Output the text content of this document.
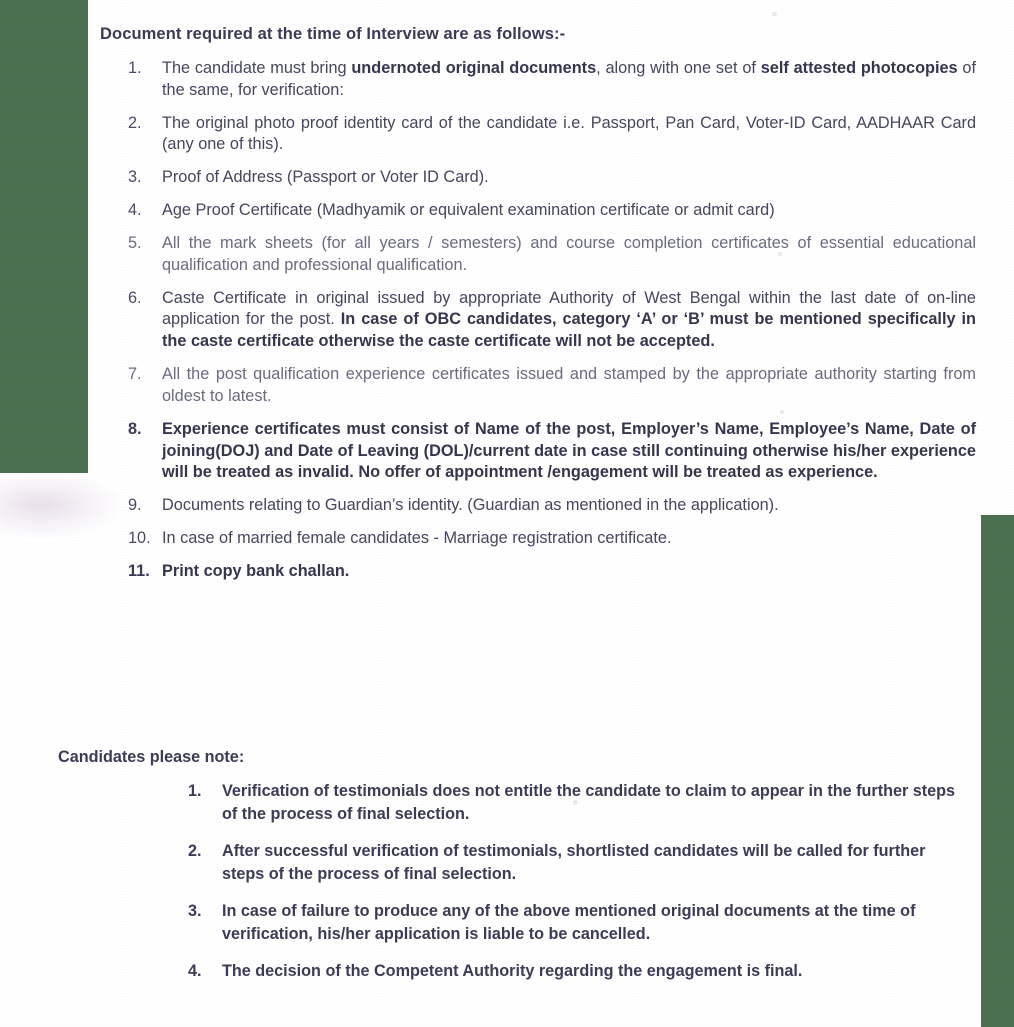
Document required at the time of Interview are as follows:-
1.	The candidate must bring undernoted original documents, along with one set of self attested photocopies of the same, for verification:
2.	The original photo proof identity card of the candidate i.e. Passport, Pan Card, Voter-ID Card, AADHAAR Card (any one of this).
3.	Proof of Address (Passport or Voter ID Card).
4.	Age Proof Certificate (Madhyamik or equivalent examination certificate or admit card)
5.	All the mark sheets (for all years / semesters) and course completion certificates of essential educational qualification and professional qualification.
6.	Caste Certificate in original issued by appropriate Authority of West Bengal within the last date of on-line application for the post. In case of OBC candidates, category ‘A’ or ‘B’ must be mentioned specifically in the caste certificate otherwise the caste certificate will not be accepted.
7.	All the post qualification experience certificates issued and stamped by the appropriate authority starting from oldest to latest.
8.	Experience certificates must consist of Name of the post, Employer’s Name, Employee’s Name, Date of joining(DOJ) and Date of Leaving (DOL)/current date in case still continuing otherwise his/her experience will be treated as invalid. No offer of appointment /engagement will be treated as experience.
9.	Documents relating to Guardian’s identity. (Guardian as mentioned in the application).
10. In case of married female candidates - Marriage registration certificate.
11. Print copy bank challan.
Candidates please note:
1.	Verification of testimonials does not entitle the candidate to claim to appear in the further steps of the process of final selection.
2.	After successful verification of testimonials, shortlisted candidates will be called for further steps of the process of final selection.
3.	In case of failure to produce any of the above mentioned original documents at the time of verification, his/her application is liable to be cancelled.
4.	The decision of the Competent Authority regarding the engagement is final.
